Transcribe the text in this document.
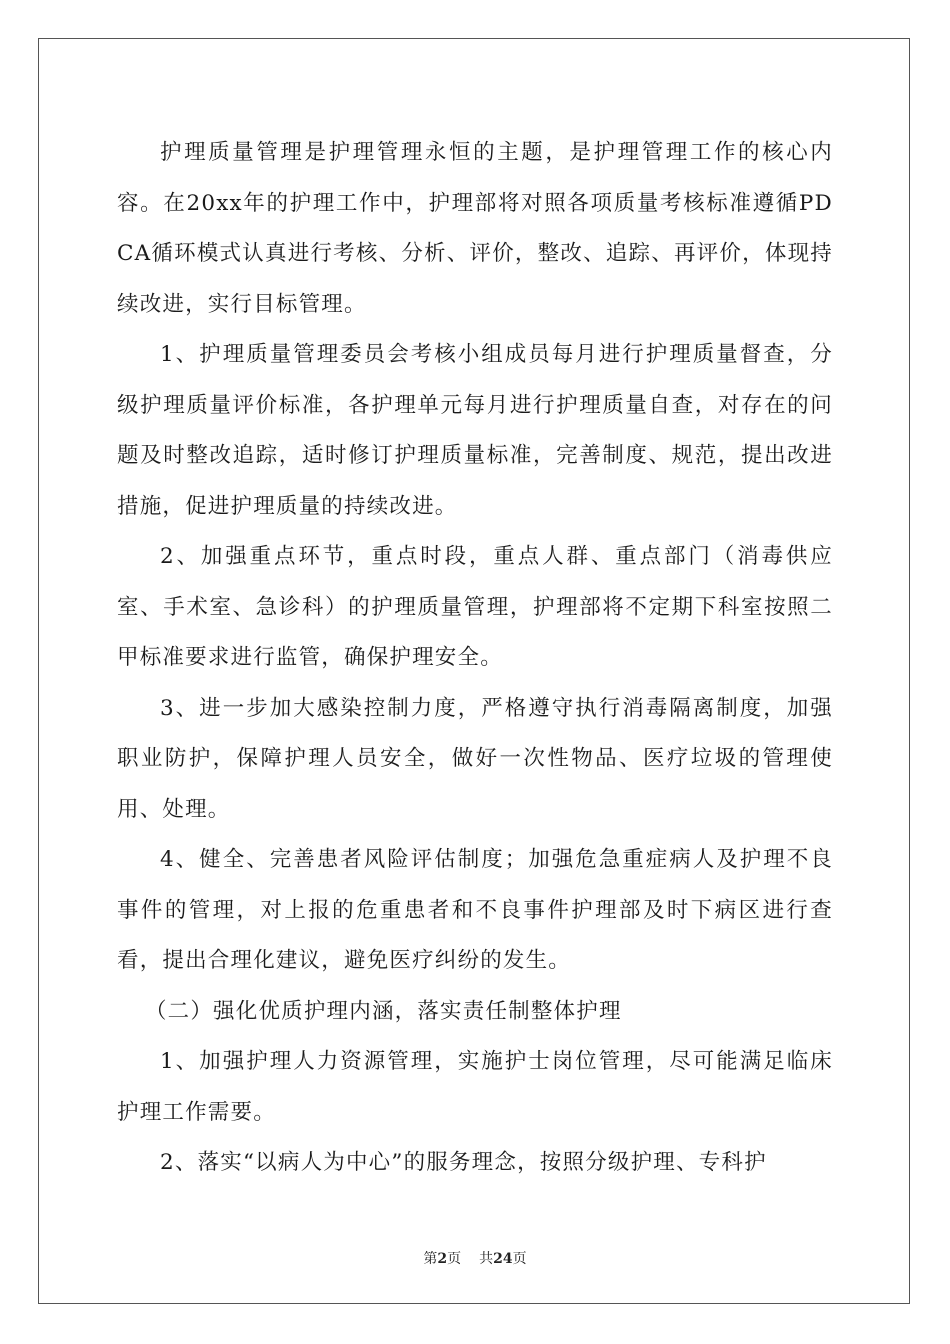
护理质量管理是护理管理永恒的主题，是护理管理工作的核心内容。在20xx年的护理工作中，护理部将对照各项质量考核标准遵循PDCA循环模式认真进行考核、分析、评价，整改、追踪、再评价，体现持续改进，实行目标管理。

1、护理质量管理委员会考核小组成员每月进行护理质量督查，分级护理质量评价标准，各护理单元每月进行护理质量自查，对存在的问题及时整改追踪，适时修订护理质量标准，完善制度、规范，提出改进措施，促进护理质量的持续改进。

2、加强重点环节，重点时段，重点人群、重点部门（消毒供应室、手术室、急诊科）的护理质量管理，护理部将不定期下科室按照二甲标准要求进行监管，确保护理安全。

3、进一步加大感染控制力度，严格遵守执行消毒隔离制度，加强职业防护，保障护理人员安全，做好一次性物品、医疗垃圾的管理使用、处理。

4、健全、完善患者风险评估制度；加强危急重症病人及护理不良事件的管理，对上报的危重患者和不良事件护理部及时下病区进行查看，提出合理化建议，避免医疗纠纷的发生。

（二）强化优质护理内涵，落实责任制整体护理

1、加强护理人力资源管理，实施护士岗位管理，尽可能满足临床护理工作需要。

2、落实“以病人为中心”的服务理念，按照分级护理、专科护

第2页 共24页
